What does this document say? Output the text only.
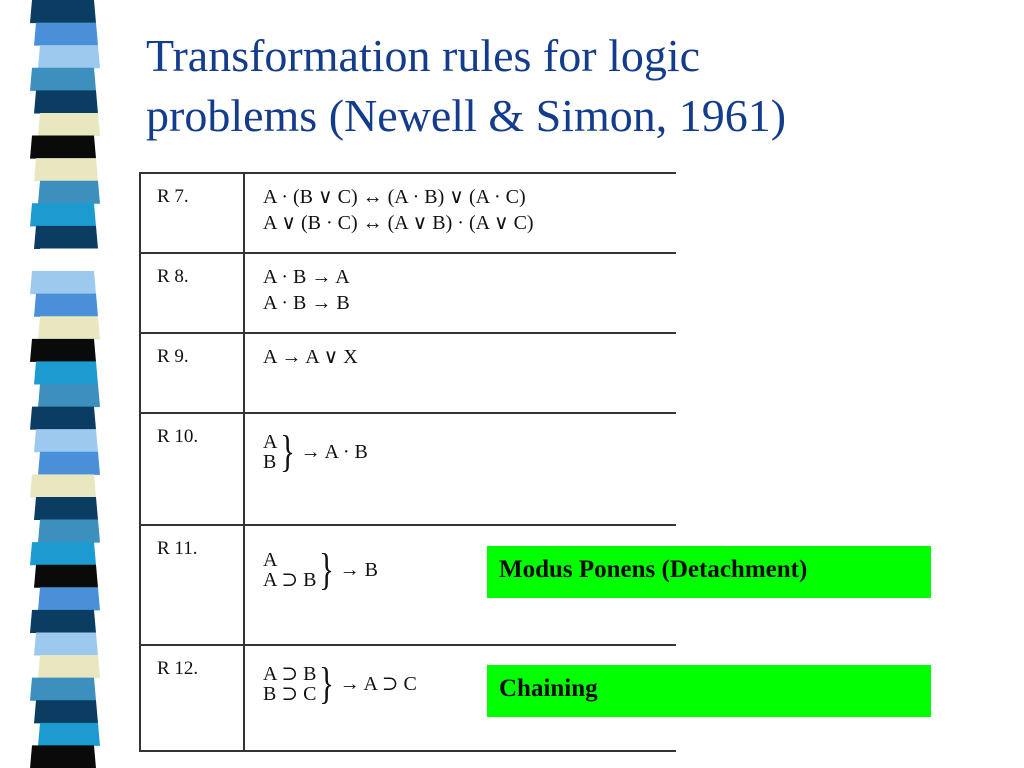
Transformation rules for logic
problems (Newell & Simon, 1961)
R 7.	A · (B ∨ C) ↔ (A · B) ∨ (A · C)
A ∨ (B · C) ↔ (A ∨ B) · (A ∨ C)

R 8.	A · B → A
A · B → B

R 9.	A → A ∨ X

R 10.	A
B } → A · B

R 11.	A
A ⊃ B } → B

R 12.	A ⊃ B
B ⊃ C } → A ⊃ C
Modus Ponens (Detachment)
Chaining
